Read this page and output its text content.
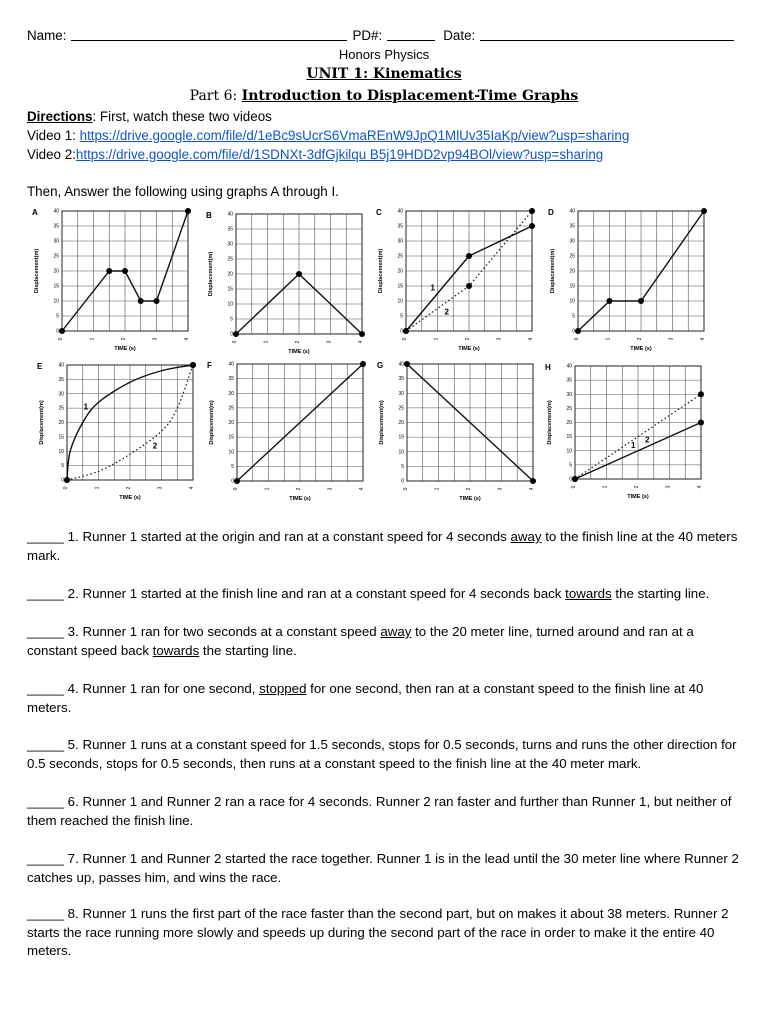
Name:	PD#:	Date:
Honors Physics
UNIT 1: Kinematics
Part 6: Introduction to Displacement-Time Graphs
Directions: First, watch these two videos
Video 1: https://drive.google.com/file/d/1eBc9sUcrS6VmaREnW9JpQ1MlUv35IaKp/view?usp=sharing
Video 2:https://drive.google.com/file/d/1SDNXt-3dfGjkilqu B5j19HDD2vp94BOl/view?usp=sharing
Then, Answer the following using graphs A through I.
0
5
10
15
20
25
30
35
40
0	1	2	3	4
Displacement(m)
TIME (s)
A
0
5
10
15
20
25
30
35
40
0	1	2	3	4
Displacement(m)
TIME (s)
B
0
5
10
15
20
25
30
35
40
0	1	2	3	4
Displacement(m)
TIME (s)
C
1
2
0
5
10
15
20
25
30
35
40
0	1	2	3	4
Displacement(m)
TIME (s)
D
0
5
10
15
20
25
30
35
40
0	1	2	3	4
Displacement(m)
TIME (s)
E
1
2
0
5
10
15
20
25
30
35
40
0	1	2	3	4
Displacement(m)
TIME (s)
F
0
5
10
15
20
25
30
35
40
0	1	2	3	4
Displacement(m)
TIME (s)
G
0
5
10
15
20
25
30
35
40
0	1	2	3	4
Displacement(m)
TIME (s)
H
1
2
_____ 1. Runner 1 started at the origin and ran at a constant speed for 4 seconds away to the finish line at the 40 meters mark.
_____ 2. Runner 1 started at the finish line and ran at a constant speed for 4 seconds back towards the starting line.
_____ 3. Runner 1 ran for two seconds at a constant speed away to the 20 meter line, turned around and ran at a constant speed back towards the starting line.
_____ 4. Runner 1 ran for one second, stopped for one second, then ran at a constant speed to the finish line at 40 meters.
_____ 5. Runner 1 runs at a constant speed for 1.5 seconds, stops for 0.5 seconds, turns and runs the other direction for 0.5 seconds, stops for 0.5 seconds, then runs at a constant speed to the finish line at the 40 meter mark.
_____ 6. Runner 1 and Runner 2 ran a race for 4 seconds. Runner 2 ran faster and further than Runner 1, but neither of them reached the finish line.
_____ 7. Runner 1 and Runner 2 started the race together. Runner 1 is in the lead until the 30 meter line where Runner 2 catches up, passes him, and wins the race.
_____ 8. Runner 1 runs the first part of the race faster than the second part, but on makes it about 38 meters. Runner 2 starts the race running more slowly and speeds up during the second part of the race in order to make it the entire 40 meters.
